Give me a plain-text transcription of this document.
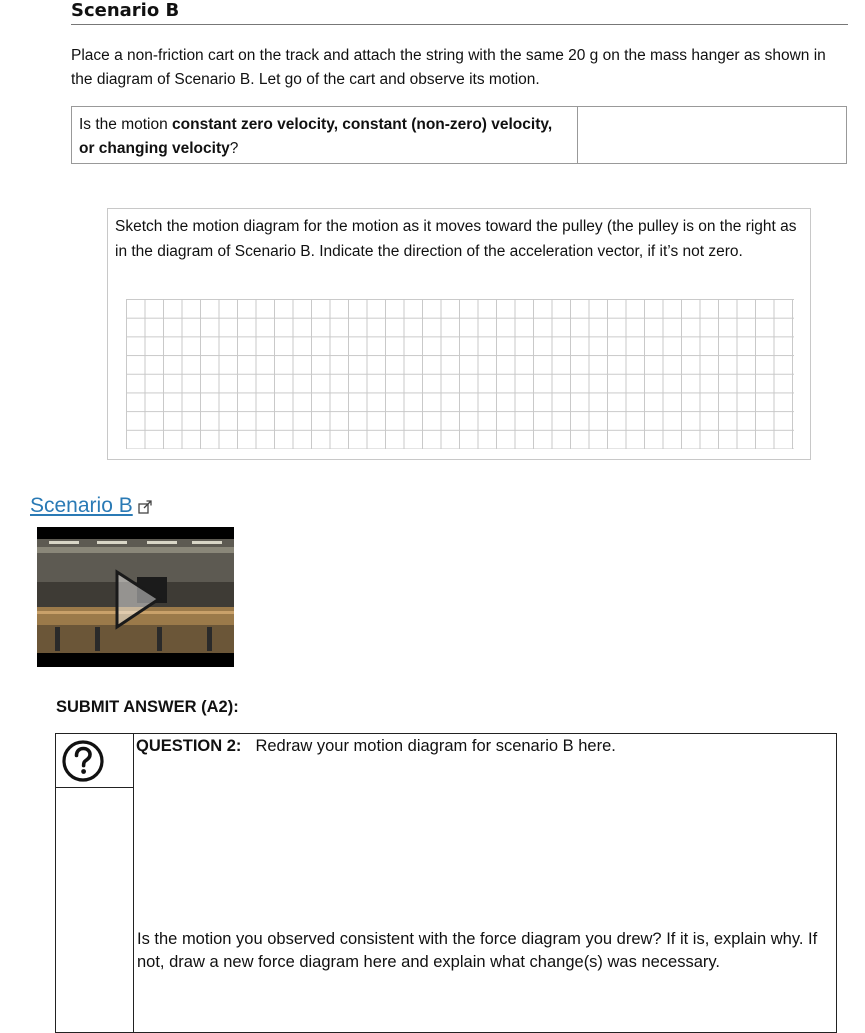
Scenario B
Place a non-friction cart on the track and attach the string with the same 20 g on the mass hanger as shown in the diagram of Scenario B. Let go of the cart and observe its motion.
Is the motion constant zero velocity, constant (non-zero) velocity, or changing velocity?
Sketch the motion diagram for the motion as it moves toward the pulley (the pulley is on the right as in the diagram of Scenario B. Indicate the direction of the acceleration vector, if it’s not zero.
Scenario B
SUBMIT ANSWER (A2):
QUESTION 2: Redraw your motion diagram for scenario B here.
Is the motion you observed consistent with the force diagram you drew? If it is, explain why. If not, draw a new force diagram here and explain what change(s) was necessary.
